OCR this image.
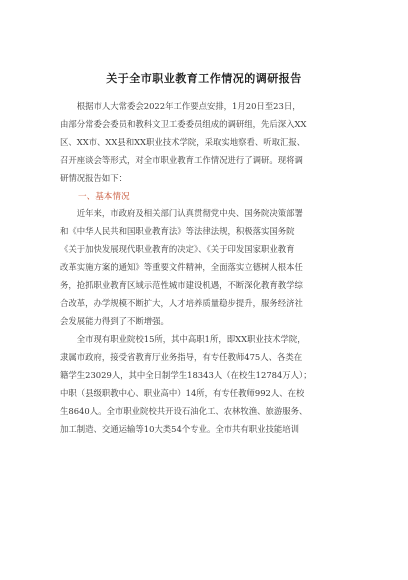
关于全市职业教育工作情况的调研报告
　　根据市人大常委会2022年工作要点安排，1月20日至23日，
由部分常委会委员和教科文卫工委委员组成的调研组，先后深入XX
区、XX市、XX县和XX职业技术学院，采取实地察看、听取汇报、
召开座谈会等形式，对全市职业教育工作情况进行了调研。现将调
研情况报告如下：
一、基本情况
　　近年来，市政府及相关部门认真贯彻党中央、国务院决策部署
和《中华人民共和国职业教育法》等法律法规，积极落实国务院
《关于加快发展现代职业教育的决定》、《关于印发国家职业教育
改革实施方案的通知》等重要文件精神，全面落实立德树人根本任
务，抢抓职业教育区域示范性城市建设机遇，不断深化教育教学综
合改革，办学规模不断扩大，人才培养质量稳步提升，服务经济社
会发展能力得到了不断增强。
　　全市现有职业院校15所，其中高职1所，即XX职业技术学院，
隶属市政府，接受省教育厅业务指导，有专任教师475人、各类在
籍学生23029人，其中全日制学生18343人（在校生12784万人）；
中职（县级职教中心、职业高中）14所，有专任教师992人、在校
生8640人。全市职业院校共开设石油化工、农林牧渔、旅游服务、
加工制造、交通运输等10大类54个专业。全市共有职业技能培训
